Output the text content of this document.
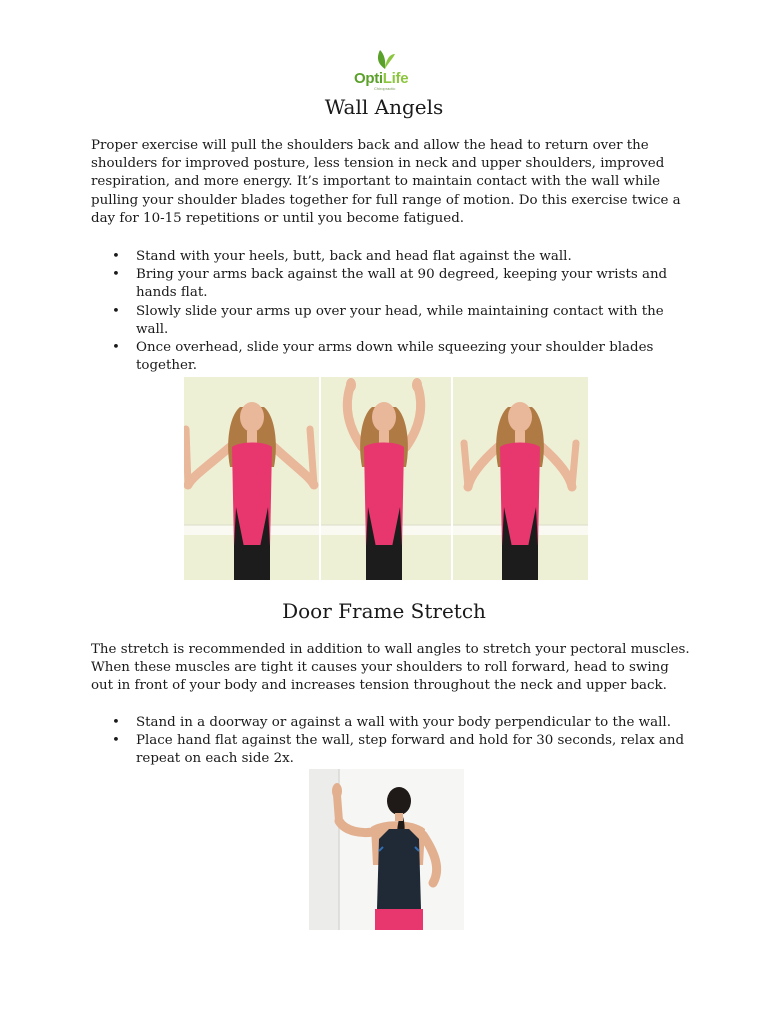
OptiLife
Chiropractic
Wall Angels

Proper exercise will pull the shoulders back and allow the head to return over the shoulders for improved posture, less tension in neck and upper shoulders, improved respiration, and more energy. It’s important to maintain contact with the wall while pulling your shoulder blades together for full range of motion. Do this exercise twice a day for 10-15 repetitions or until you become fatigued.

• Stand with your heels, butt, back and head flat against the wall.
• Bring your arms back against the wall at 90 degreed, keeping your wrists and hands flat.
• Slowly slide your arms up over your head, while maintaining contact with the wall.
• Once overhead, slide your arms down while squeezing your shoulder blades together.
Door Frame Stretch

The stretch is recommended in addition to wall angles to stretch your pectoral muscles. When these muscles are tight it causes your shoulders to roll forward, head to swing out in front of your body and increases tension throughout the neck and upper back.

• Stand in a doorway or against a wall with your body perpendicular to the wall.
• Place hand flat against the wall, step forward and hold for 30 seconds, relax and repeat on each side 2x.
